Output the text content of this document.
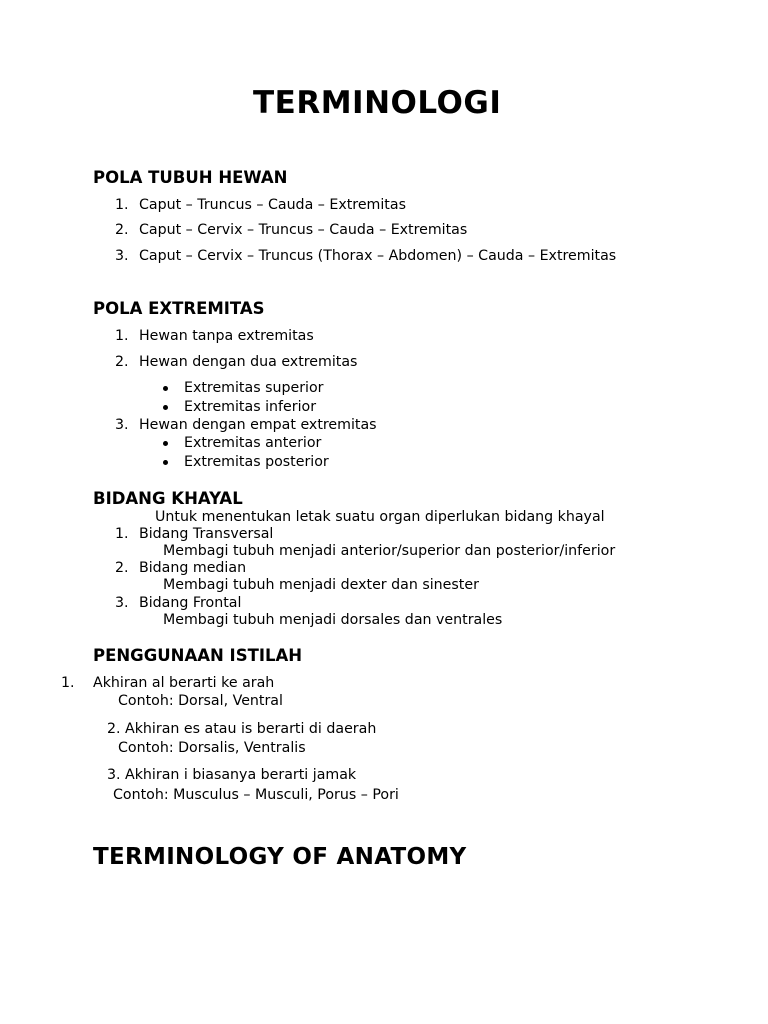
TERMINOLOGI
POLA TUBUH HEWAN
1. Caput – Truncus – Cauda – Extremitas
2. Caput – Cervix – Truncus – Cauda – Extremitas
3. Caput – Cervix – Truncus (Thorax – Abdomen) – Cauda – Extremitas
POLA EXTREMITAS
1. Hewan tanpa extremitas
2. Hewan dengan dua extremitas
Extremitas superior
Extremitas inferior
3. Hewan dengan empat extremitas
Extremitas anterior
Extremitas posterior
BIDANG KHAYAL
Untuk menentukan letak suatu organ diperlukan bidang khayal
1. Bidang Transversal
Membagi tubuh menjadi anterior/superior dan posterior/inferior
2. Bidang median
Membagi tubuh menjadi dexter dan sinester
3. Bidang Frontal
Membagi tubuh menjadi dorsales dan ventrales
PENGGUNAAN ISTILAH
1. Akhiran al berarti ke arah
Contoh: Dorsal, Ventral
2. Akhiran es atau is berarti di daerah
Contoh: Dorsalis, Ventralis
3. Akhiran i biasanya berarti jamak
Contoh: Musculus – Musculi, Porus – Pori
TERMINOLOGY OF ANATOMY
